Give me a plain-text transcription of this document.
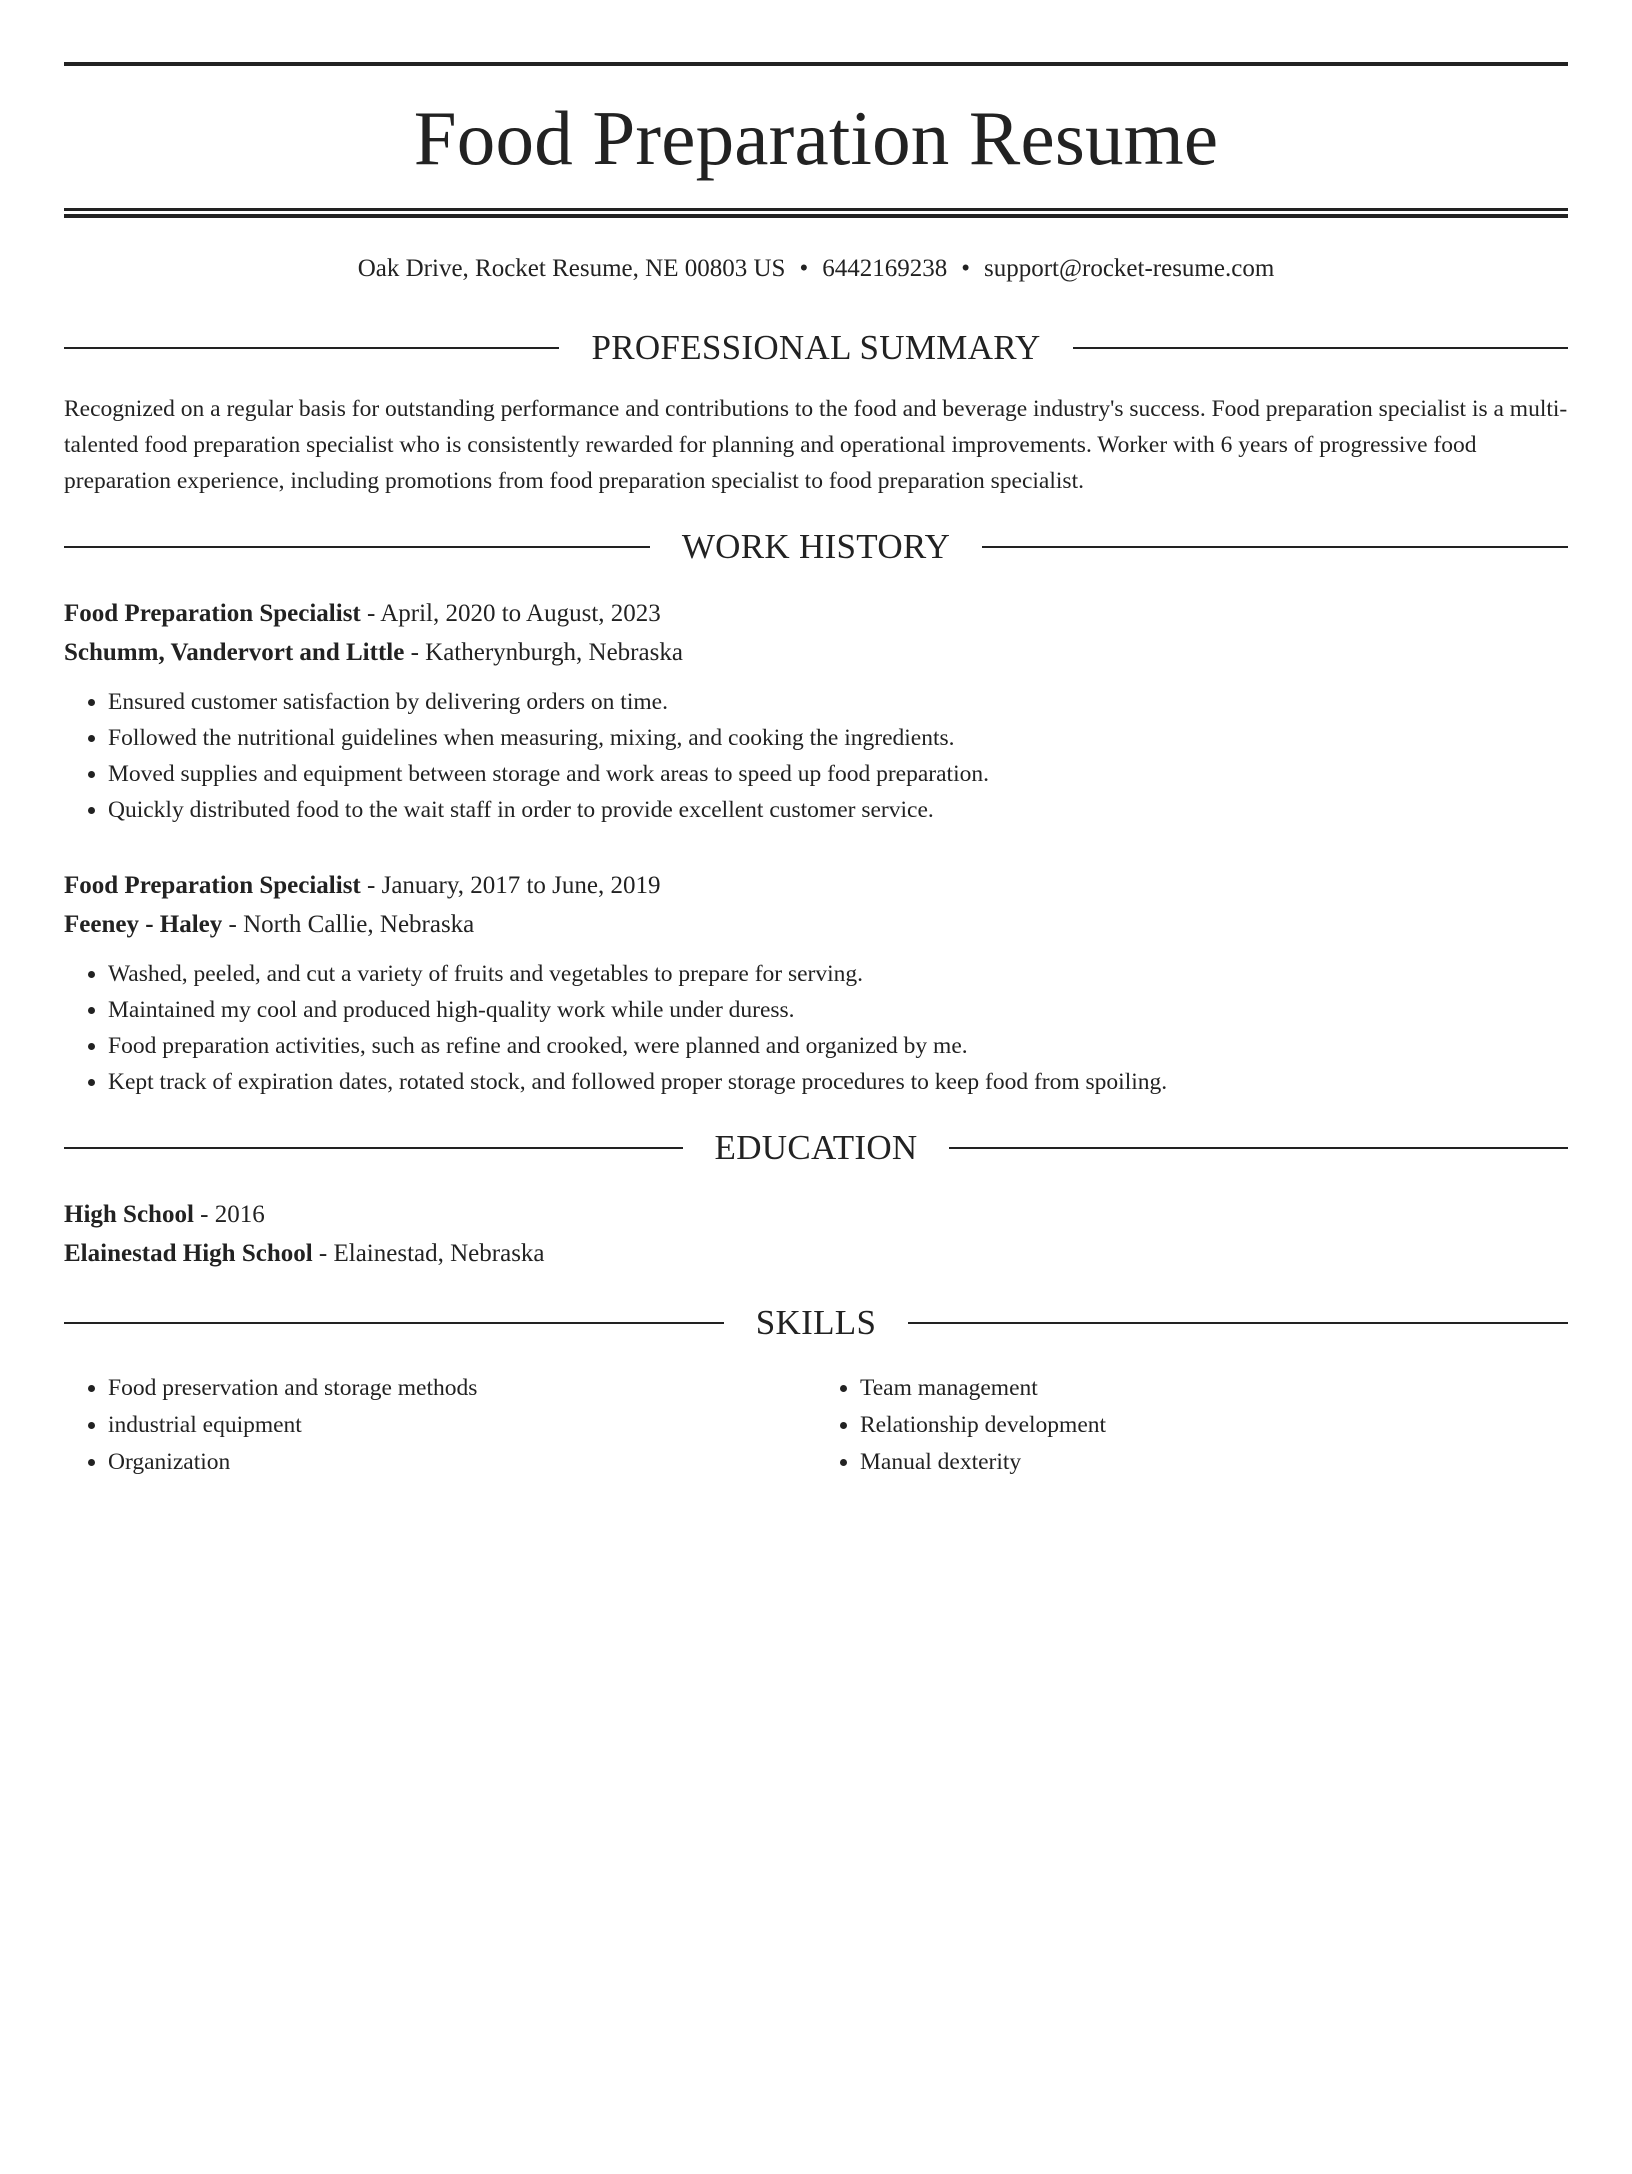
Food Preparation Resume
Oak Drive, Rocket Resume, NE 00803 US • 6442169238 • support@rocket-resume.com
PROFESSIONAL SUMMARY

Recognized on a regular basis for outstanding performance and contributions to the food and beverage industry's success. Food preparation specialist is a multi-talented food preparation specialist who is consistently rewarded for planning and operational improvements. Worker with 6 years of progressive food preparation experience, including promotions from food preparation specialist to food preparation specialist.

WORK HISTORY
Food Preparation Specialist - April, 2020 to August, 2023
Schumm, Vandervort and Little - Katherynburgh, Nebraska
• Ensured customer satisfaction by delivering orders on time.
• Followed the nutritional guidelines when measuring, mixing, and cooking the ingredients.
• Moved supplies and equipment between storage and work areas to speed up food preparation.
• Quickly distributed food to the wait staff in order to provide excellent customer service.
Food Preparation Specialist - January, 2017 to June, 2019
Feeney - Haley - North Callie, Nebraska
• Washed, peeled, and cut a variety of fruits and vegetables to prepare for serving.
• Maintained my cool and produced high-quality work while under duress.
• Food preparation activities, such as refine and crooked, were planned and organized by me.
• Kept track of expiration dates, rotated stock, and followed proper storage procedures to keep food from spoiling.
EDUCATION
High School - 2016
Elainestad High School - Elainestad, Nebraska
SKILLS
• Food preservation and storage methods
• industrial equipment
• Organization
• Team management
• Relationship development
• Manual dexterity
